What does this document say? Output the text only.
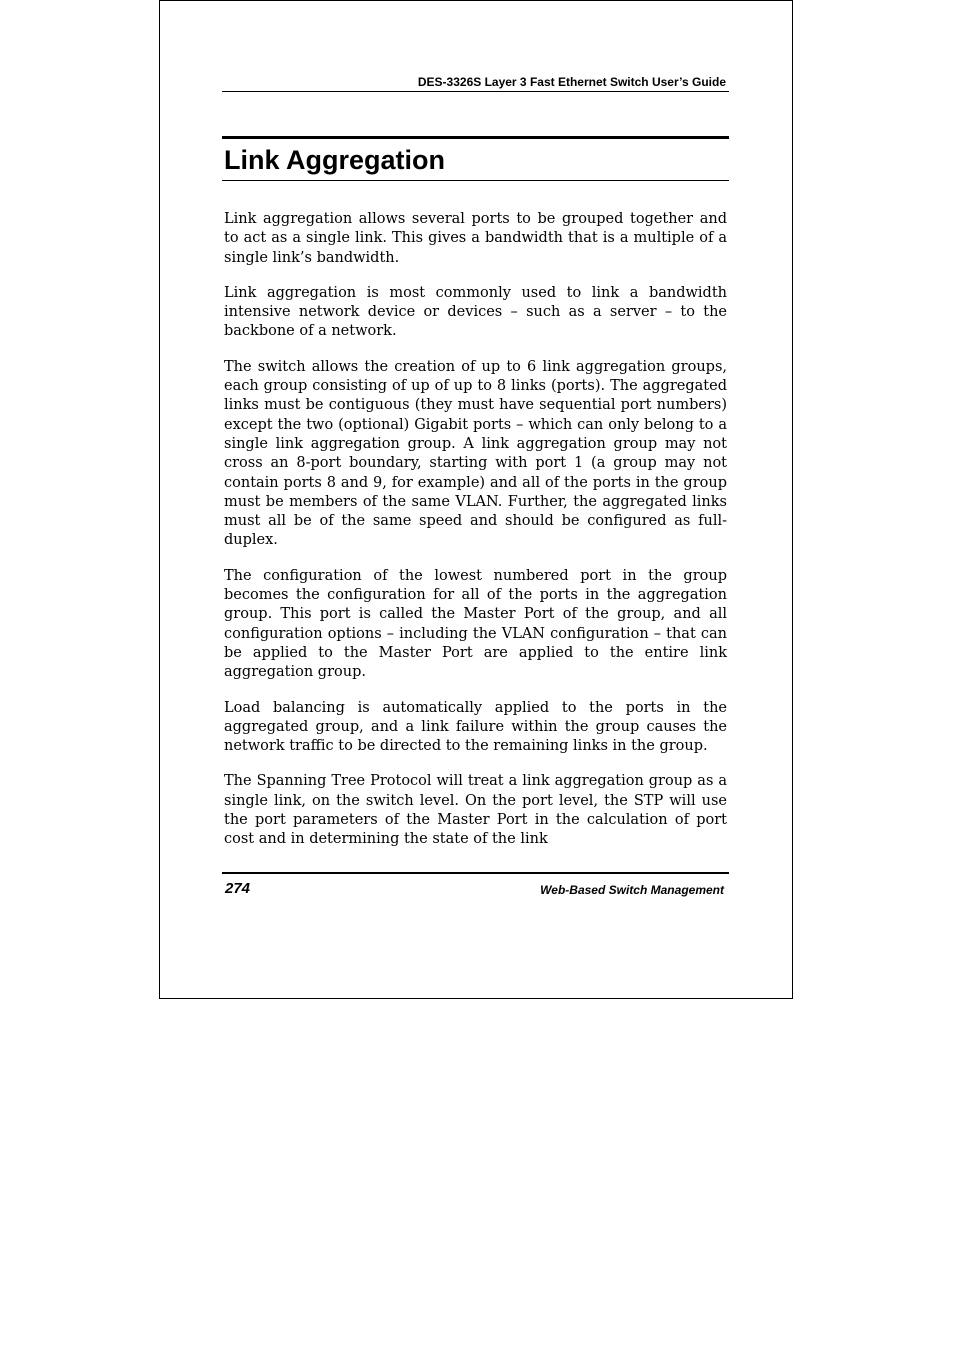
DES-3326S Layer 3 Fast Ethernet Switch User’s Guide
Link Aggregation

Link aggregation allows several ports to be grouped together and to act as a single link. This gives a bandwidth that is a multiple of a single link’s bandwidth.

Link aggregation is most commonly used to link a bandwidth intensive network device or devices – such as a server – to the backbone of a network.

The switch allows the creation of up to 6 link aggregation groups, each group consisting of up of up to 8 links (ports). The aggregated links must be contiguous (they must have sequential port numbers) except the two (optional) Gigabit ports – which can only belong to a single link aggregation group. A link aggregation group may not cross an 8-port boundary, starting with port 1 (a group may not contain ports 8 and 9, for example) and all of the ports in the group must be members of the same VLAN. Further, the aggregated links must all be of the same speed and should be configured as full-duplex.

The configuration of the lowest numbered port in the group becomes the configuration for all of the ports in the aggregation group. This port is called the Master Port of the group, and all configuration options – including the VLAN configuration – that can be applied to the Master Port are applied to the entire link aggregation group.

Load balancing is automatically applied to the ports in the aggregated group, and a link failure within the group causes the network traffic to be directed to the remaining links in the group.

The Spanning Tree Protocol will treat a link aggregation group as a single link, on the switch level. On the port level, the STP will use the port parameters of the Master Port in the calculation of port cost and in determining the state of the link

274	Web-Based Switch Management
